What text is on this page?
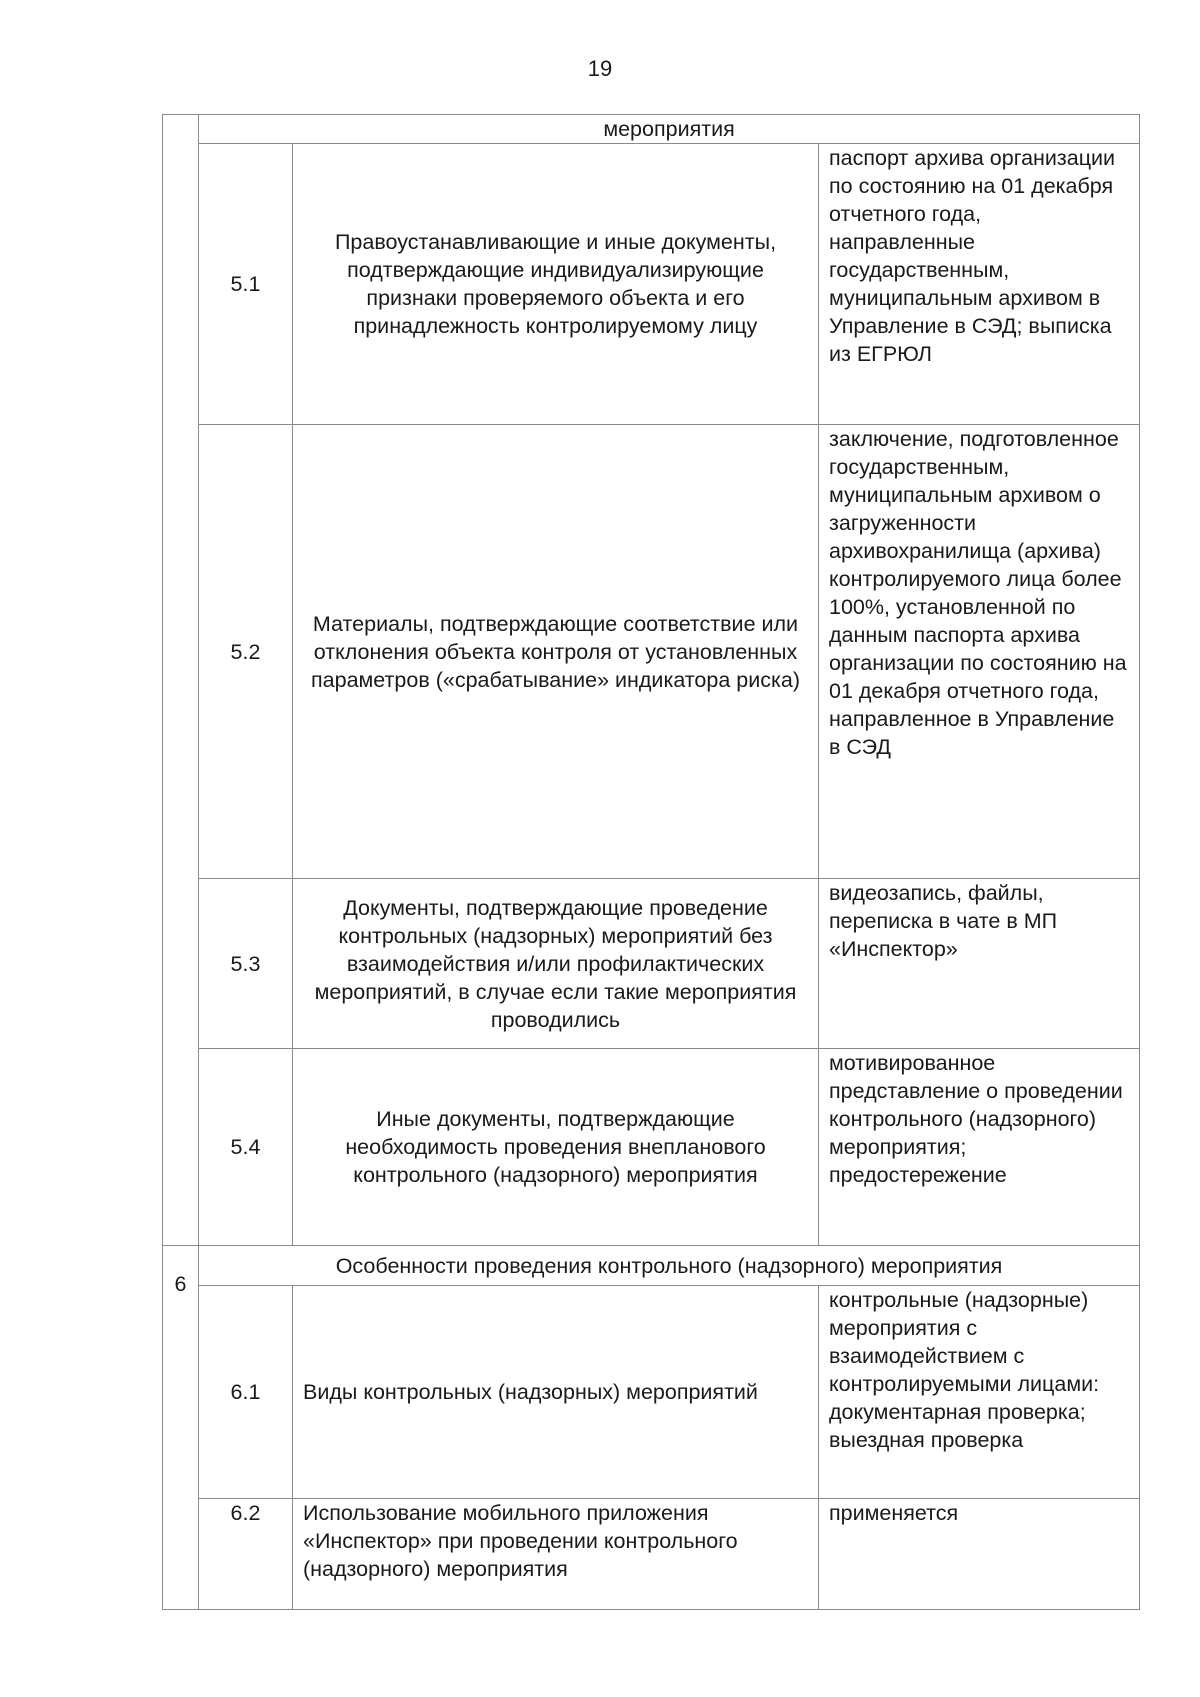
19
	мероприятия		
	5.1	Правоустанавливающие и иные документы, подтверждающие индивидуализирующие признаки проверяемого объекта и его принадлежность контролируемому лицу	паспорт архива организации по состоянию на 01 декабря отчетного года, направленные государственным, муниципальным архивом в Управление в СЭД; выписка из ЕГРЮЛ
	5.2	Материалы, подтверждающие соответствие или отклонения объекта контроля от установленных параметров («срабатывание» индикатора риска)	заключение, подготовленное государственным, муниципальным архивом о загруженности архивохранилища (архива) контролируемого лица более 100%, установленной по данным паспорта архива организации по состоянию на 01 декабря отчетного года, направленное в Управление в СЭД
	5.3	Документы, подтверждающие проведение контрольных (надзорных) мероприятий без взаимодействия и/или профилактических мероприятий, в случае если такие мероприятия проводились	видеозапись, файлы, переписка в чате в МП «Инспектор»
	5.4	Иные документы, подтверждающие необходимость проведения внепланового контрольного (надзорного) мероприятия	мотивированное представление о проведении контрольного (надзорного) мероприятия; предостережение
6	Особенности проведения контрольного (надзорного) мероприятия		
	6.1	Виды контрольных (надзорных) мероприятий	контрольные (надзорные) мероприятия с взаимодействием с контролируемыми лицами: документарная проверка; выездная проверка
	6.2	Использование мобильного приложения «Инспектор» при проведении контрольного (надзорного) мероприятия	применяется
